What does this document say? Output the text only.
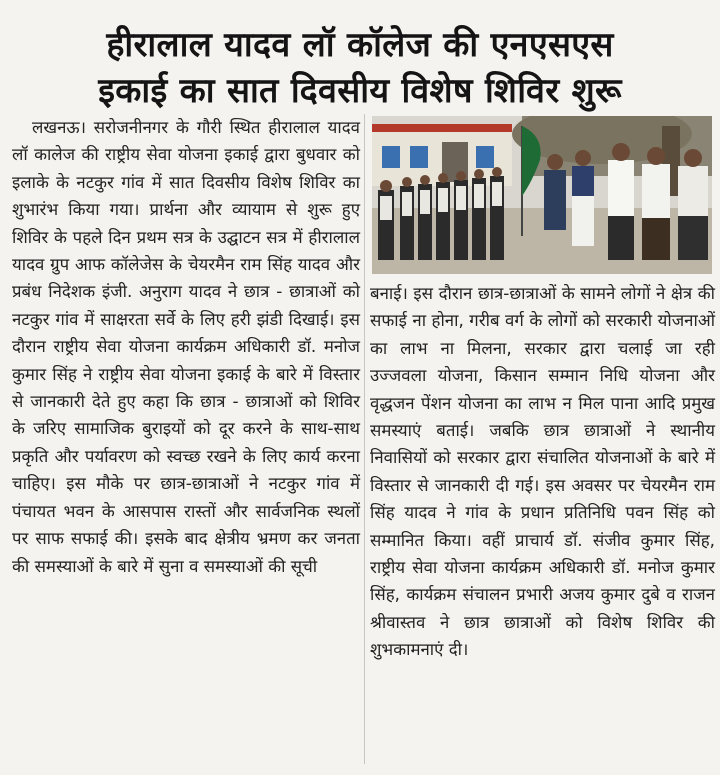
हीरालाल यादव लॉ कॉलेज की एनएसएस
इकाई का सात दिवसीय विशेष शिविर शुरू

लखनऊ। सरोजनीनगर के गौरी स्थित हीरालाल यादव लॉ कालेज की राष्ट्रीय सेवा योजना इकाई द्वारा बुधवार को इलाके के नटकुर गांव में सात दिवसीय विशेष शिविर का शुभारंभ किया गया। प्रार्थना और व्यायाम से शुरू हुए शिविर के पहले दिन प्रथम सत्र के उद्घाटन सत्र में हीरालाल यादव ग्रुप आफ कॉलेजेस के चेयरमैन राम सिंह यादव और प्रबंध निदेशक इंजी. अनुराग यादव ने छात्र - छात्राओं को नटकुर गांव में साक्षरता सर्वे के लिए हरी झंडी दिखाई। इस दौरान राष्ट्रीय सेवा योजना कार्यक्रम अधिकारी डॉ. मनोज कुमार सिंह ने राष्ट्रीय सेवा योजना इकाई के बारे में विस्तार से जानकारी देते हुए कहा कि छात्र - छात्राओं को शिविर के जरिए सामाजिक बुराइयों को दूर करने के साथ-साथ प्रकृति और पर्यावरण को स्वच्छ रखने के लिए कार्य करना चाहिए। इस मौके पर छात्र-छात्राओं ने नटकुर गांव में पंचायत भवन के आसपास रास्तों और सार्वजनिक स्थलों पर साफ सफाई की। इसके बाद क्षेत्रीय भ्रमण कर जनता की समस्याओं के बारे में सुना व समस्याओं की सूची

बनाई। इस दौरान छात्र-छात्राओं के सामने लोगों ने क्षेत्र की सफाई ना होना, गरीब वर्ग के लोगों को सरकारी योजनाओं का लाभ ना मिलना, सरकार द्वारा चलाई जा रही उज्जवला योजना, किसान सम्मान निधि योजना और वृद्धजन पेंशन योजना का लाभ न मिल पाना आदि प्रमुख समस्याएं बताई। जबकि छात्र छात्राओं ने स्थानीय निवासियों को सरकार द्वारा संचालित योजनाओं के बारे में विस्तार से जानकारी दी गई। इस अवसर पर चेयरमैन राम सिंह यादव ने गांव के प्रधान प्रतिनिधि पवन सिंह को सम्मानित किया। वहीं प्राचार्य डॉ. संजीव कुमार सिंह, राष्ट्रीय सेवा योजना कार्यक्रम अधिकारी डॉ. मनोज कुमार सिंह, कार्यक्रम संचालन प्रभारी अजय कुमार दुबे व राजन श्रीवास्तव ने छात्र छात्राओं को विशेष शिविर की शुभकामनाएं दी।
